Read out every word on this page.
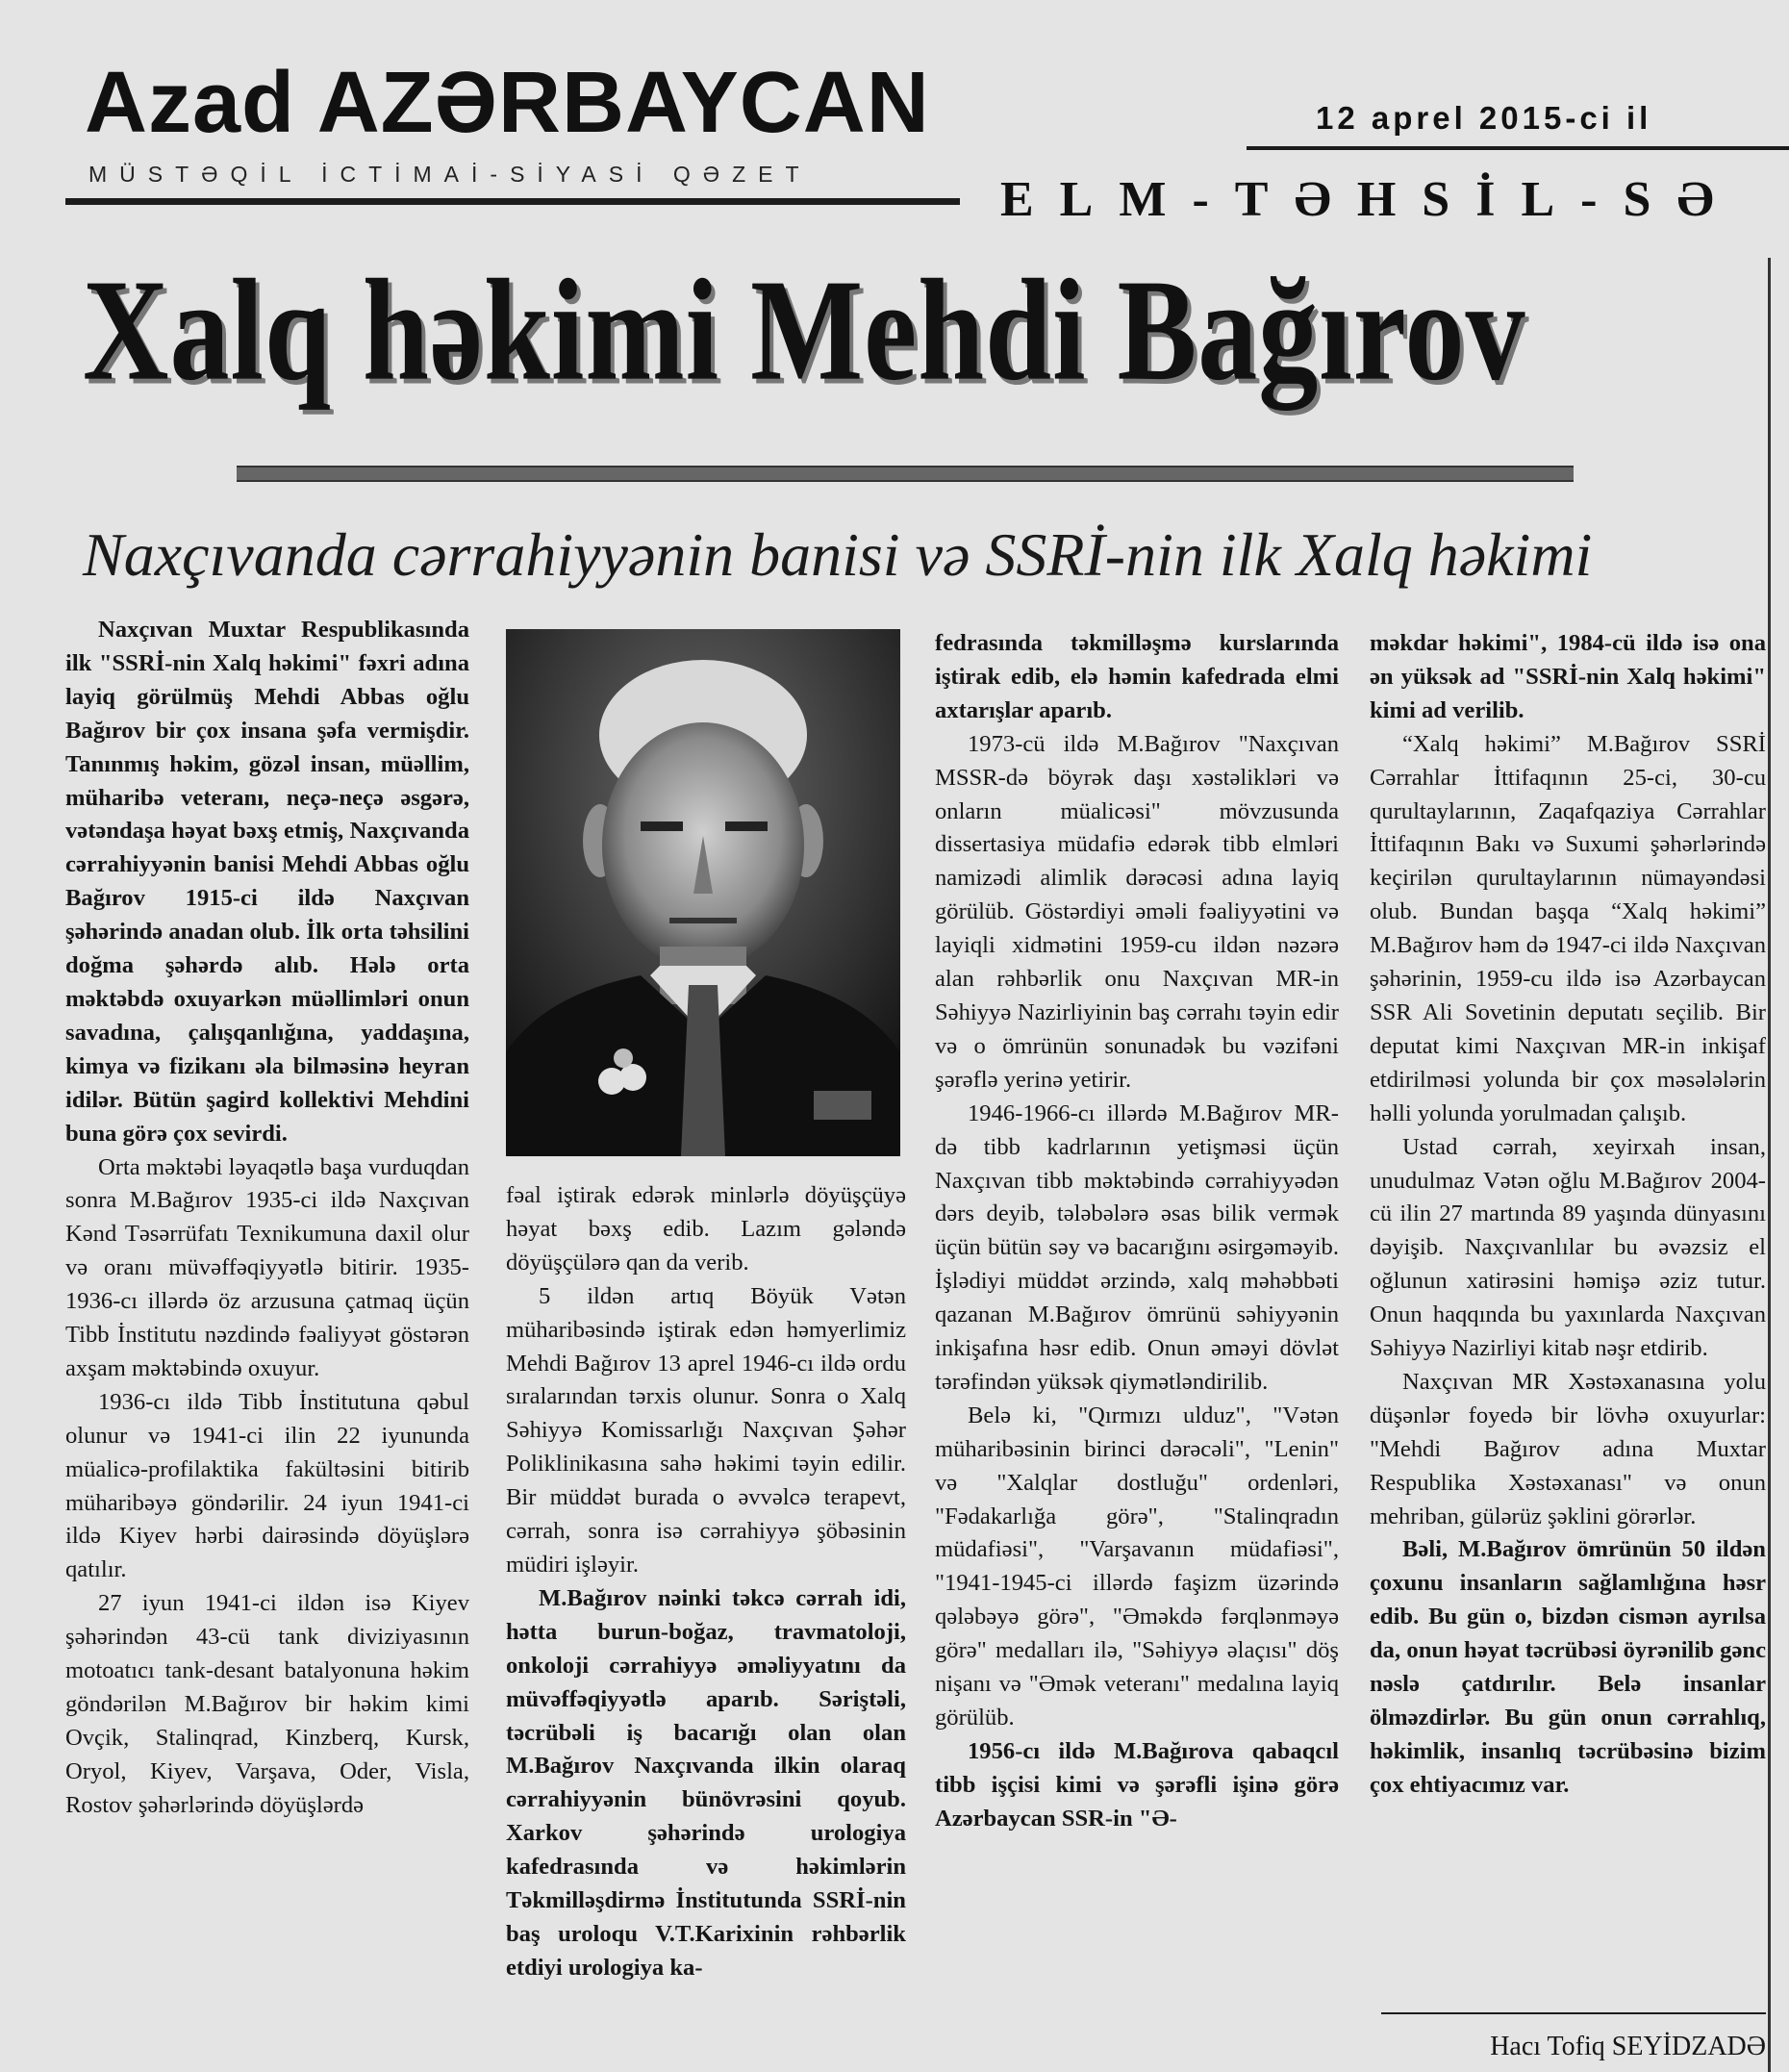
Azad AZƏRBAYCAN
MÜSTƏQİL İCTİMAİ-SİYASİ QƏZET
12 aprel 2015-ci il
ELM-TƏHSİL-SƏ
Xalq həkimi Mehdi Bağırov
Naxçıvanda cərrahiyyənin banisi və SSRİ-nin ilk Xalq həkimi

Naxçıvan Muxtar Respublikasında ilk "SSRİ-nin Xalq həkimi" fəxri adına layiq görülmüş Mehdi Abbas oğlu Bağırov bir çox insana şəfa vermişdir. Tanınmış həkim, gözəl insan, müəllim, müharibə veteranı, neçə-neçə əsgərə, vətəndaşa həyat bəxş etmiş, Naxçıvanda cərrahiyyənin banisi Mehdi Abbas oğlu Bağırov 1915-ci ildə Naxçıvan şəhərində anadan olub. İlk orta təhsilini doğma şəhərdə alıb. Hələ orta məktəbdə oxuyarkən müəllimləri onun savadına, çalışqanlığına, yaddaşına, kimya və fizikanı əla bilməsinə heyran idilər. Bütün şagird kollektivi Mehdini buna görə çox sevirdi.

Orta məktəbi ləyaqətlə başa vurduqdan sonra M.Bağırov 1935-ci ildə Naxçıvan Kənd Təsərrüfatı Texnikumuna daxil olur və oranı müvəffəqiyyətlə bitirir. 1935-1936-cı illərdə öz arzusuna çatmaq üçün Tibb İnstitutu nəzdində fəaliyyət göstərən axşam məktəbində oxuyur.

1936-cı ildə Tibb İnstitutuna qəbul olunur və 1941-ci ilin 22 iyununda müalicə-profilaktika fakültəsini bitirib müharibəyə göndərilir. 24 iyun 1941-ci ildə Kiyev hərbi dairəsində döyüşlərə qatılır.

27 iyun 1941-ci ildən isə Kiyev şəhərindən 43-cü tank diviziyasının motoatıcı tank-desant batalyonuna həkim göndərilən M.Bağırov bir həkim kimi Ovçik, Stalinqrad, Kinzberq, Kursk, Oryol, Kiyev, Varşava, Oder, Visla, Rostov şəhərlərində döyüşlərdə

fəal iştirak edərək minlərlə döyüşçüyə həyat bəxş edib. Lazım gələndə döyüşçülərə qan da verib.

5 ildən artıq Böyük Vətən müharibəsində iştirak edən həmyerlimiz Mehdi Bağırov 13 aprel 1946-cı ildə ordu sıralarından tərxis olunur. Sonra o Xalq Səhiyyə Komissarlığı Naxçıvan Şəhər Poliklinikasına sahə həkimi təyin edilir. Bir müddət burada o əvvəlcə terapevt, cərrah, sonra isə cərrahiyyə şöbəsinin müdiri işləyir.

M.Bağırov nəinki təkcə cərrah idi, hətta burun-boğaz, travmatoloji, onkoloji cərrahiyyə əməliyyatını da müvəffəqiyyətlə aparıb. Səriştəli, təcrübəli iş bacarığı olan olan M.Bağırov Naxçıvanda ilkin olaraq cərrahiyyənin bünövrəsini qoyub. Xarkov şəhərində urologiya kafedrasında və həkimlərin Təkmilləşdirmə İnstitutunda SSRİ-nin baş uroloqu V.T.Karixinin rəhbərlik etdiyi urologiya ka-

fedrasında təkmilləşmə kurslarında iştirak edib, elə həmin kafedrada elmi axtarışlar aparıb.

1973-cü ildə M.Bağırov "Naxçıvan MSSR-də böyrək daşı xəstəlikləri və onların müalicəsi" mövzusunda dissertasiya müdafiə edərək tibb elmləri namizədi alimlik dərəcəsi adına layiq görülüb. Göstərdiyi əməli fəaliyyətini və layiqli xidmətini 1959-cu ildən nəzərə alan rəhbərlik onu Naxçıvan MR-in Səhiyyə Nazirliyinin baş cərrahı təyin edir və o ömrünün sonunadək bu vəzifəni şərəflə yerinə yetirir.

1946-1966-cı illərdə M.Bağırov MR-də tibb kadrlarının yetişməsi üçün Naxçıvan tibb məktəbində cərrahiyyədən dərs deyib, tələbələrə əsas bilik vermək üçün bütün səy və bacarığını əsirgəməyib. İşlədiyi müddət ərzində, xalq məhəbbəti qazanan M.Bağırov ömrünü səhiyyənin inkişafına həsr edib. Onun əməyi dövlət tərəfindən yüksək qiymətləndirilib.

Belə ki, "Qırmızı ulduz", "Vətən müharibəsinin birinci dərəcəli", "Lenin" və "Xalqlar dostluğu" ordenləri, "Fədakarlığa görə", "Stalinqradın müdafiəsi", "Varşavanın müdafiəsi", "1941-1945-ci illərdə faşizm üzərində qələbəyə görə", "Əməkdə fərqlənməyə görə" medalları ilə, "Səhiyyə əlaçısı" döş nişanı və "Əmək veteranı" medalına layiq görülüb.

1956-cı ildə M.Bağırova qabaqcıl tibb işçisi kimi və şərəfli işinə görə Azərbaycan SSR-in "Ə-

məkdar həkimi", 1984-cü ildə isə ona ən yüksək ad "SSRİ-nin Xalq həkimi" kimi ad verilib.

“Xalq həkimi” M.Bağırov SSRİ Cərrahlar İttifaqının 25-ci, 30-cu qurultaylarının, Zaqafqaziya Cərrahlar İttifaqının Bakı və Suxumi şəhərlərində keçirilən qurultaylarının nümayəndəsi olub. Bundan başqa “Xalq həkimi” M.Bağırov həm də 1947-ci ildə Naxçıvan şəhərinin, 1959-cu ildə isə Azərbaycan SSR Ali Sovetinin deputatı seçilib. Bir deputat kimi Naxçıvan MR-in inkişaf etdirilməsi yolunda bir çox məsələlərin həlli yolunda yorulmadan çalışıb.

Ustad cərrah, xeyirxah insan, unudulmaz Vətən oğlu M.Bağırov 2004-cü ilin 27 martında 89 yaşında dünyasını dəyişib. Naxçıvanlılar bu əvəzsiz el oğlunun xatirəsini həmişə əziz tutur. Onun haqqında bu yaxınlarda Naxçıvan Səhiyyə Nazirliyi kitab nəşr etdirib.

Naxçıvan MR Xəstəxanasına yolu düşənlər foyedə bir lövhə oxuyurlar: "Mehdi Bağırov adına Muxtar Respublika Xəstəxanası" və onun mehriban, gülərüz şəklini görərlər.

Bəli, M.Bağırov ömrünün 50 ildən çoxunu insanların sağlamlığına həsr edib. Bu gün o, bizdən cismən ayrılsa da, onun həyat təcrübəsi öyrənilib gənc nəslə çatdırılır. Belə insanlar ölməzdirlər. Bu gün onun cərrahlıq, həkimlik, insanlıq təcrübəsinə bizim çox ehtiyacımız var.

Hacı Tofiq SEYİDZADƏ
